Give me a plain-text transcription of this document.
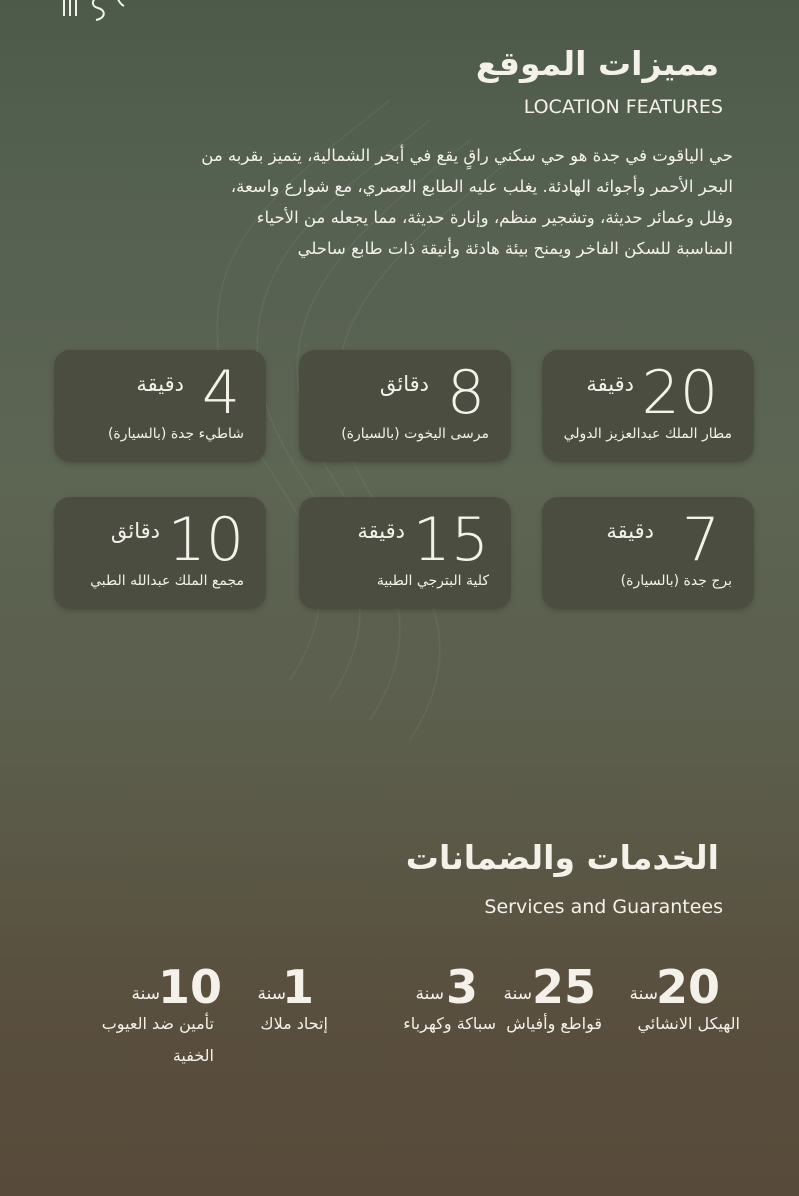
مميزات الموقع
LOCATION FEATURES
حي الياقوت في جدة هو حي سكني راقٍ يقع في أبحر الشمالية، يتميز بقربه من
البحر الأحمر وأجوائه الهادئة. يغلب عليه الطابع العصري، مع شوارع واسعة،
وفلل وعمائر حديثة، وتشجير منظم، وإنارة حديثة، مما يجعله من الأحياء
المناسبة للسكن الفاخر ويمنح بيئة هادئة وأنيقة ذات طابع ساحلي
20
دقيقة
مطار الملك عبدالعزيز الدولي
8
دقائق
مرسى اليخوت (بالسيارة)
4
دقيقة
شاطيء جدة (بالسيارة)
7
دقيقة
برج جدة (بالسيارة)
15
دقيقة
كلية البترجي الطبية
10
دقائق
مجمع الملك عبدالله الطبي
الخدمات والضمانات
Services and Guarantees
20
سنة
الهيكل الانشائي
25
سنة
قواطع وأفياش
3
سنة
سباكة وكهرباء
1
سنة
إتحاد ملاك
10
سنة
تأمين ضد العيوب
الخفية
